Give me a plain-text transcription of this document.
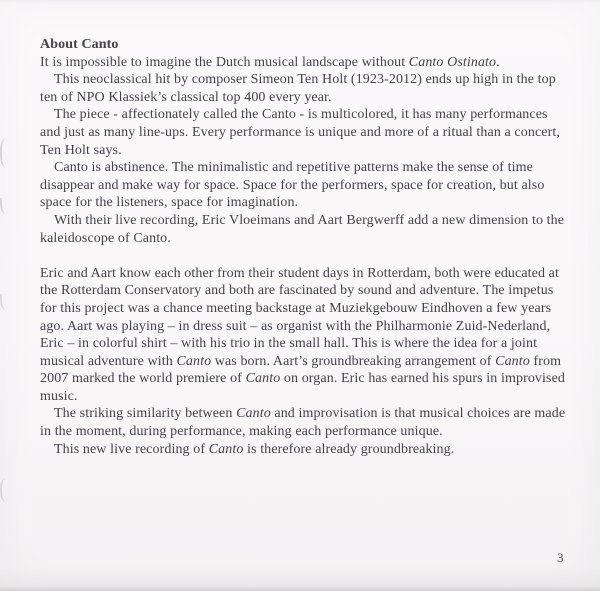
About Canto

It is impossible to imagine the Dutch musical landscape without Canto Ostinato.

This neoclassical hit by composer Simeon Ten Holt (1923-2012) ends up high in the top ten of NPO Klassiek’s classical top 400 every year.

The piece - affectionately called the Canto - is multicolored, it has many performances and just as many line-ups. Every performance is unique and more of a ritual than a concert, Ten Holt says.

Canto is abstinence. The minimalistic and repetitive patterns make the sense of time disappear and make way for space. Space for the performers, space for creation, but also space for the listeners, space for imagination.

With their live recording, Eric Vloeimans and Aart Bergwerff add a new dimension to the kaleidoscope of Canto.

Eric and Aart know each other from their student days in Rotterdam, both were educated at the Rotterdam Conservatory and both are fascinated by sound and adventure. The impetus for this project was a chance meeting backstage at Muziekgebouw Eindhoven a few years ago. Aart was playing – in dress suit – as organist with the Philharmonie Zuid-Nederland, Eric – in colorful shirt – with his trio in the small hall. This is where the idea for a joint musical adventure with Canto was born. Aart’s groundbreaking arrangement of Canto from 2007 marked the world premiere of Canto on organ. Eric has earned his spurs in improvised music.

The striking similarity between Canto and improvisation is that musical choices are made in the moment, during performance, making each performance unique.

This new live recording of Canto is therefore already groundbreaking.

3
